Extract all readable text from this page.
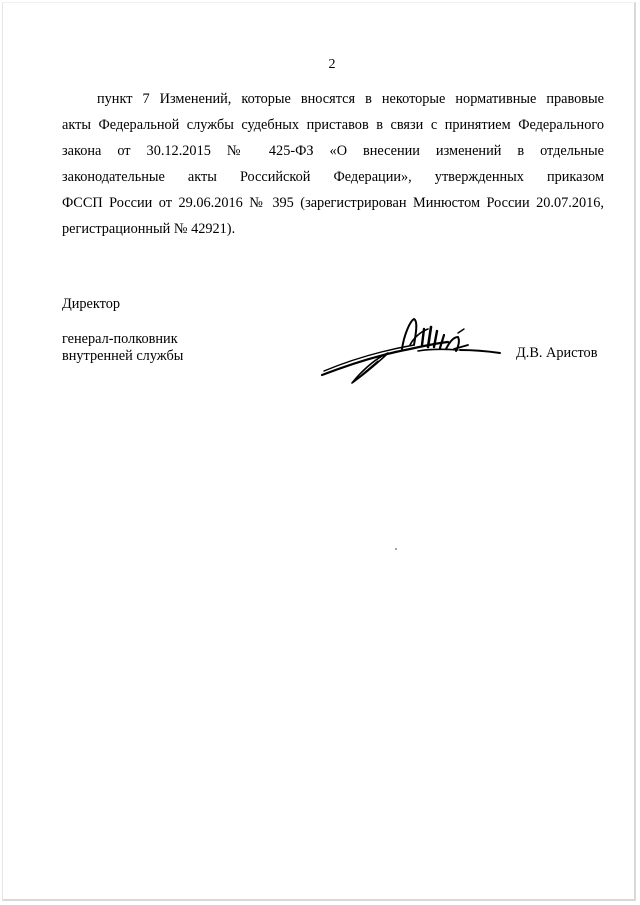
2
пункт 7 Изменений, которые вносятся в некоторые нормативные правовые
акты Федеральной службы судебных приставов в связи с принятием Федерального
закона от 30.12.2015 № 425-ФЗ «О внесении изменений в отдельные
законодательные акты Российской Федерации», утвержденных приказом
ФССП России от 29.06.2016 № 395 (зарегистрирован Минюстом России 20.07.2016,
регистрационный № 42921).
Директор
генерал-полковник
внутренней службы	Д.В. Аристов
